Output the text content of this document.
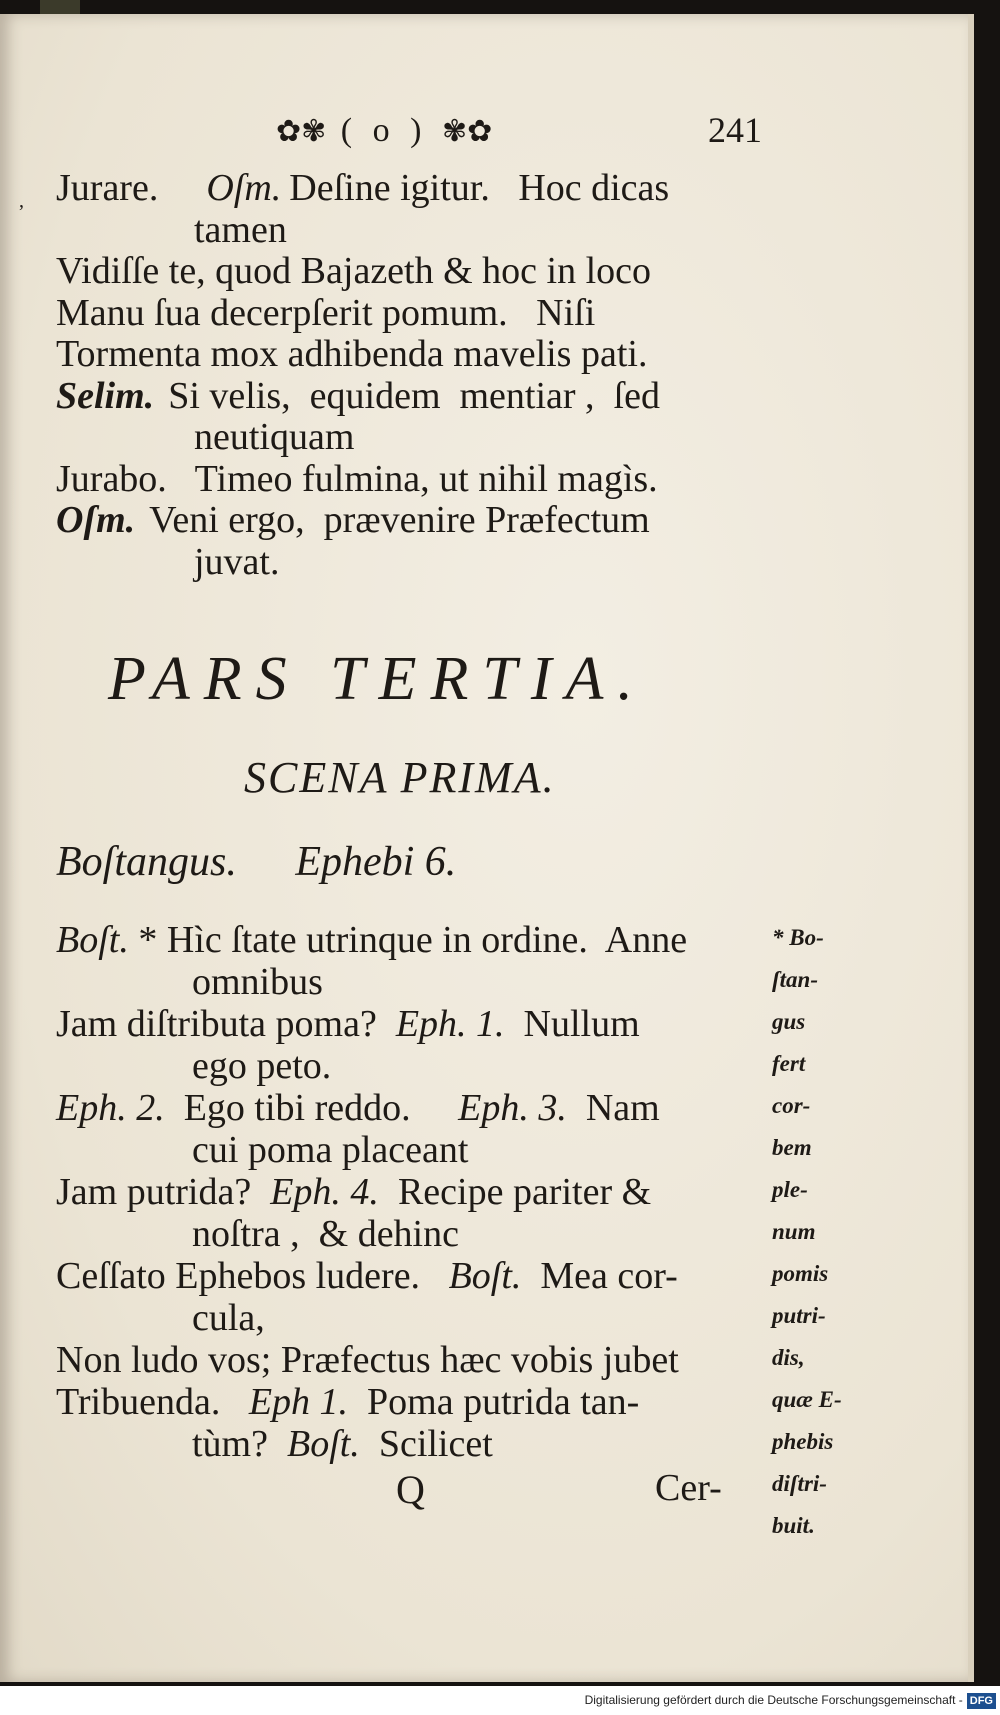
✿✾ ( o ) ✾✿	241
‚ Jurare. Oſm. Deſine igitur.   Hoc dicas
tamen
Vidiſſe te, quod Bajazeth & hoc in loco
Manu ſua decerpſerit pomum.   Niſi
Tormenta mox adhibenda mavelis pati.
Selim. Si velis,  equidem  mentiar ,  ſed
neutiquam
Jurabo.   Timeo fulmina, ut nihil magìs.
Oſm. Veni ergo,  prævenire Præfectum
juvat.
PARS TERTIA.
SCENA PRIMA.
Boſtangus. Ephebi 6.
Boſt. * Hìc ſtate utrinque in ordine.  Anne
omnibus
Jam diſtributa poma?  Eph. 1.  Nullum
ego peto.
Eph. 2.  Ego tibi reddo.     Eph. 3.  Nam
cui poma placeant
Jam putrida?  Eph. 4.  Recipe pariter &
noſtra ,  & dehinc
Ceſſato Ephebos ludere.   Boſt.  Mea cor-
cula,
Non ludo vos; Præfectus hæc vobis jubet
Tribuenda.   Eph 1.  Poma putrida tan-
tùm?  Boſt.  Scilicet
* Bo-
ſtan-
gus
fert
cor-
bem
ple-
num
pomis
putri-
dis,
quæ E-
phebis
diſtri-
buit.
Q	Cer-
Digitalisierung gefördert durch die Deutsche Forschungsgemeinschaft - DFG
